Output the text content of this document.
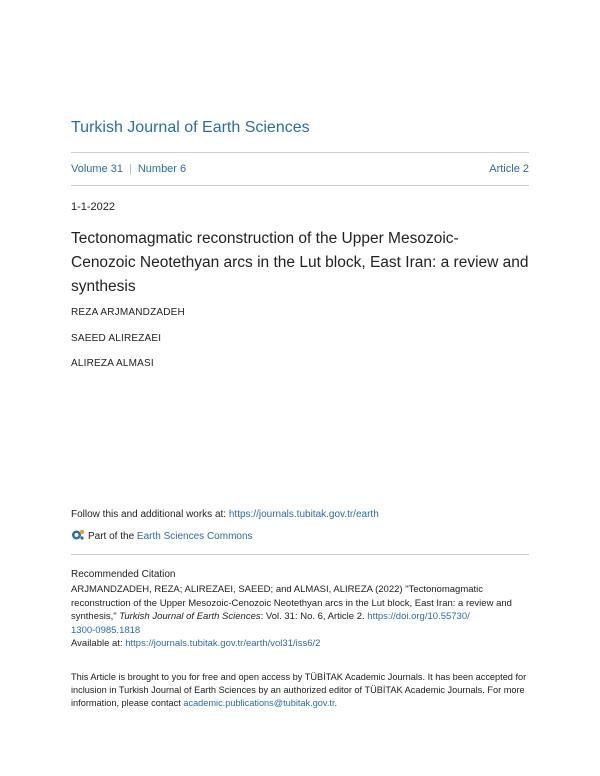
Turkish Journal of Earth Sciences
Volume 31 | Number 6	Article 2
1-1-2022
Tectonomagmatic reconstruction of the Upper Mesozoic-
Cenozoic Neotethyan arcs in the Lut block, East Iran: a review and
synthesis
REZA ARJMANDZADEH
SAEED ALIREZAEI
ALIREZA ALMASI
Follow this and additional works at: https://journals.tubitak.gov.tr/earth
Part of the
Earth Sciences Commons
Recommended Citation
ARJMANDZADEH, REZA; ALIREZAEI, SAEED; and ALMASI, ALIREZA (2022) "Tectonomagmatic
reconstruction of the Upper Mesozoic-Cenozoic Neotethyan arcs in the Lut block, East Iran: a review and
synthesis," Turkish Journal of Earth Sciences: Vol. 31: No. 6, Article 2. https://doi.org/10.55730/
1300-0985.1818
Available at: https://journals.tubitak.gov.tr/earth/vol31/iss6/2
This Article is brought to you for free and open access by TÜBİTAK Academic Journals. It has been accepted for
inclusion in Turkish Journal of Earth Sciences by an authorized editor of TÜBİTAK Academic Journals. For more
information, please contact academic.publications@tubitak.gov.tr.
